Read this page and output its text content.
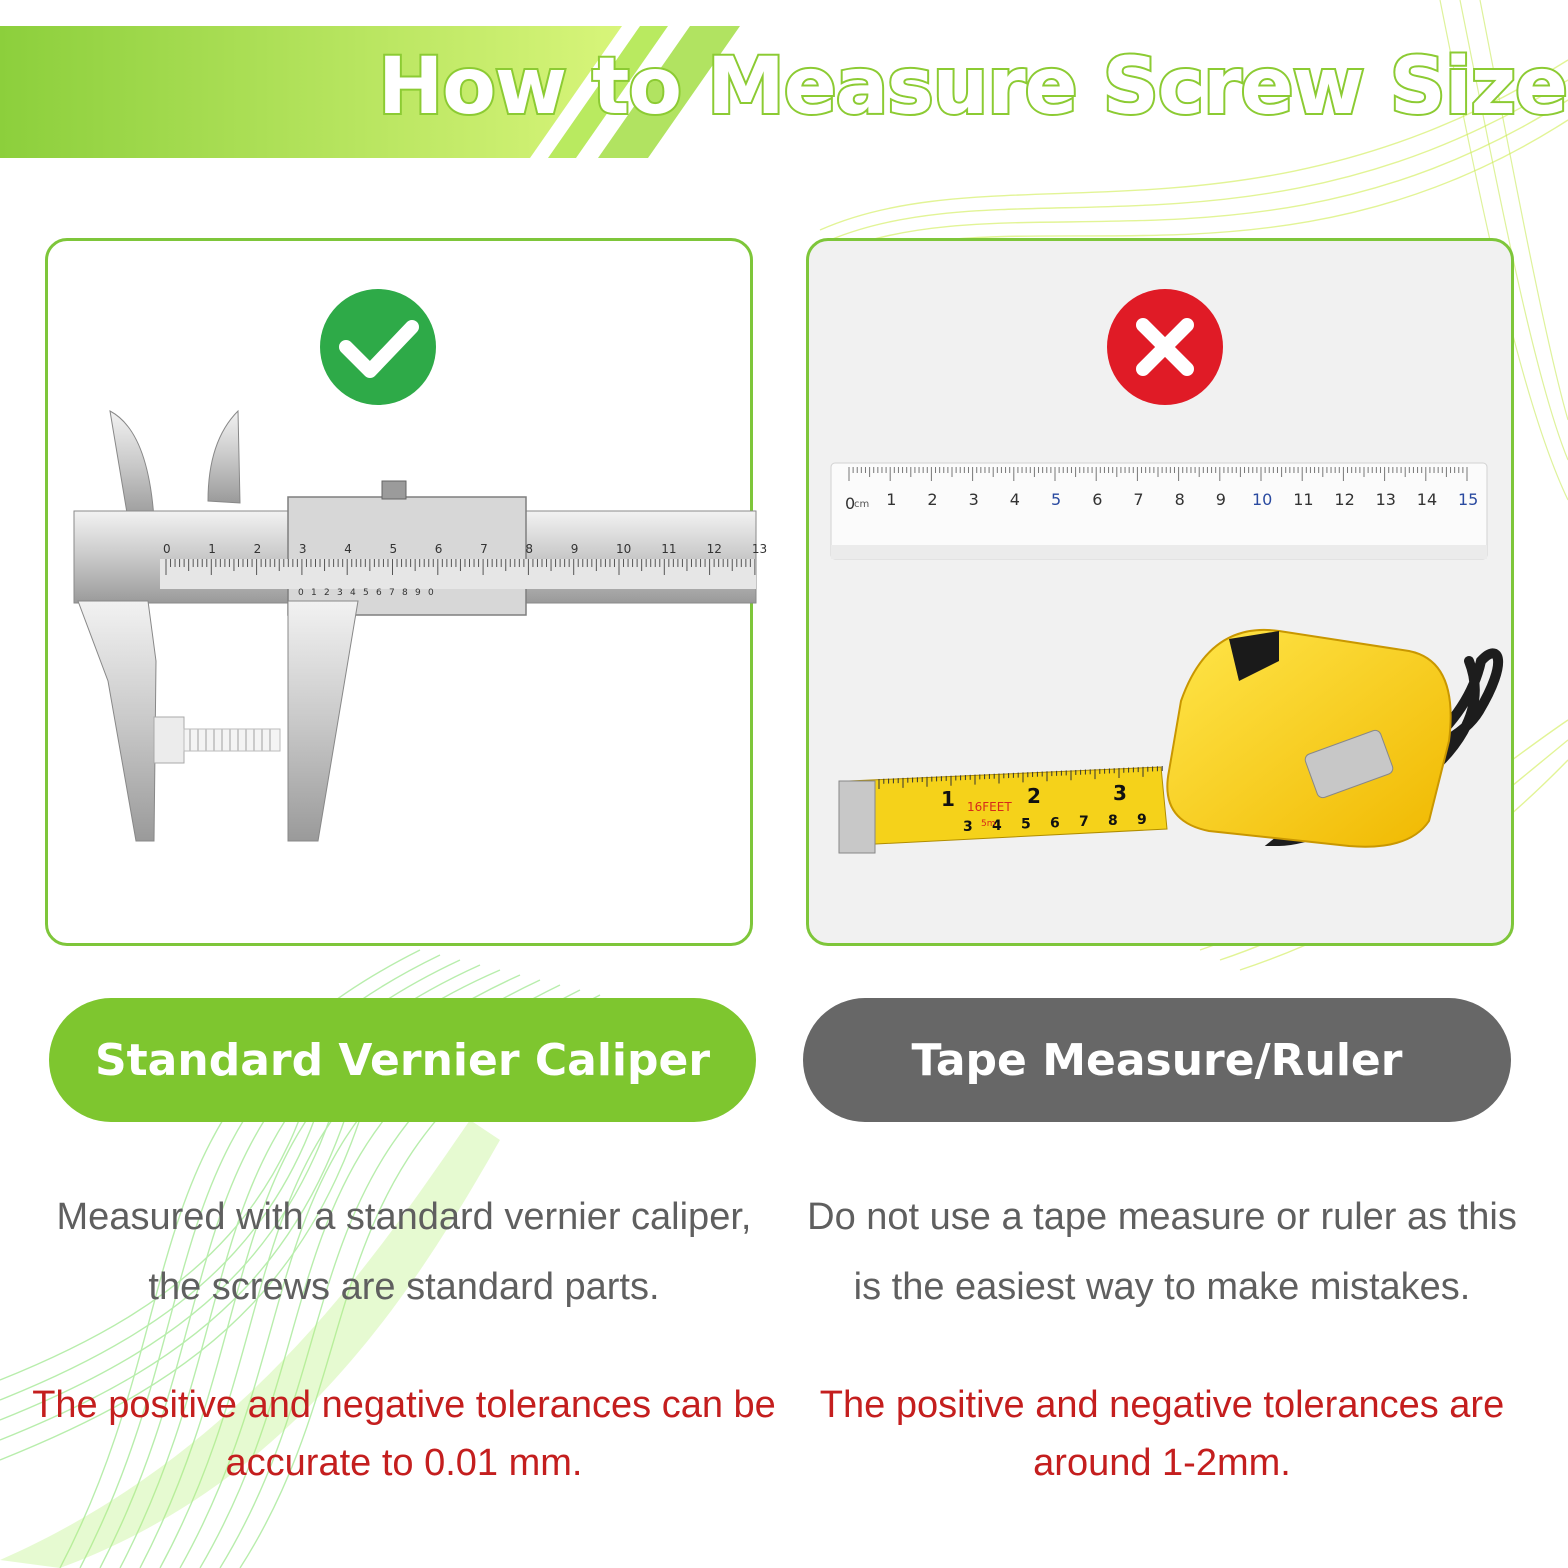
How to Measure Screw Size
0	1	2	3	4	5	6	7	8	9	10	11	12	13
0 1 2 3 4 5 6 7 8 9 0
0 1 2 3 4 5 6 7 8 9 10 11 12 13 14 15
cm
1	2	3
3 4 5 6 7 8 9
16FEET
5m
Standard Vernier Caliper	Tape Measure/Ruler

Measured with a standard vernier caliper, the screws are standard parts.

Do not use a tape measure or ruler as this is the easiest way to make mistakes.

The positive and negative tolerances can be accurate to 0.01 mm.

The positive and negative tolerances are around 1-2mm.
